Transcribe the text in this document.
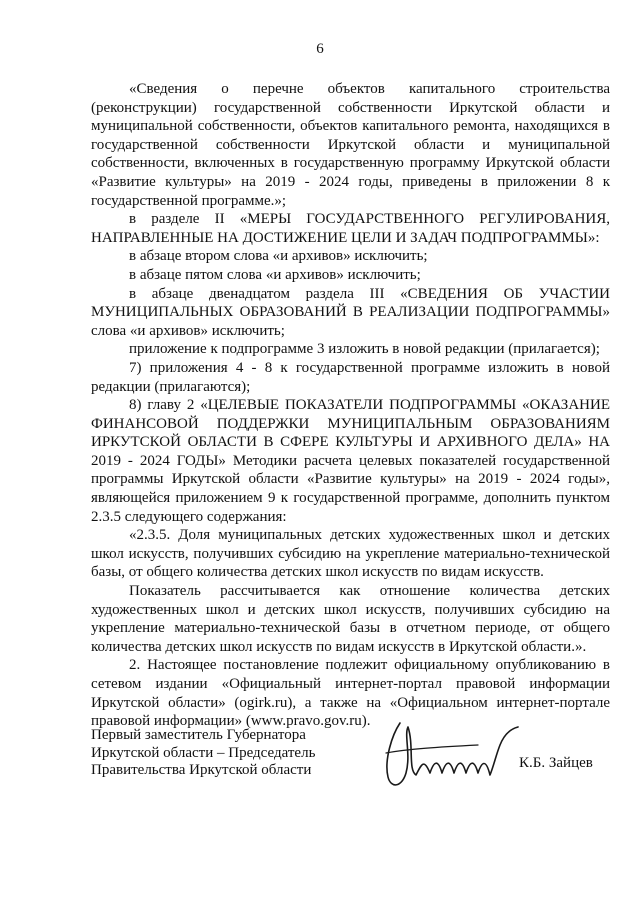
6

«Сведения о перечне объектов капитального строительства (реконструкции) государственной собственности Иркутской области и муниципальной собственности, объектов капитального ремонта, находящихся в государственной собственности Иркутской области и муниципальной собственности, включенных в государственную программу Иркутской области «Развитие культуры» на 2019 - 2024 годы, приведены в приложении 8 к государственной программе.»;

в разделе II «МЕРЫ ГОСУДАРСТВЕННОГО РЕГУЛИРОВАНИЯ, НАПРАВЛЕННЫЕ НА ДОСТИЖЕНИЕ ЦЕЛИ И ЗАДАЧ ПОДПРОГРАММЫ»:

в абзаце втором слова «и архивов» исключить;

в абзаце пятом слова «и архивов» исключить;

в абзаце двенадцатом раздела III «СВЕДЕНИЯ ОБ УЧАСТИИ МУНИЦИПАЛЬНЫХ ОБРАЗОВАНИЙ В РЕАЛИЗАЦИИ ПОДПРОГРАММЫ» слова «и архивов» исключить;

приложение к подпрограмме 3 изложить в новой редакции (прилагается);

7) приложения 4 - 8 к государственной программе изложить в новой редакции (прилагаются);

8) главу 2 «ЦЕЛЕВЫЕ ПОКАЗАТЕЛИ ПОДПРОГРАММЫ «ОКАЗАНИЕ ФИНАНСОВОЙ ПОДДЕРЖКИ МУНИЦИПАЛЬНЫМ ОБРАЗОВАНИЯМ ИРКУТСКОЙ ОБЛАСТИ В СФЕРЕ КУЛЬТУРЫ И АРХИВНОГО ДЕЛА» НА 2019 - 2024 ГОДЫ» Методики расчета целевых показателей государственной программы Иркутской области «Развитие культуры» на 2019 - 2024 годы», являющейся приложением 9 к государственной программе, дополнить пунктом 2.3.5 следующего содержания:

«2.3.5. Доля муниципальных детских художественных школ и детских школ искусств, получивших субсидию на укрепление материально-технической базы, от общего количества детских школ искусств по видам искусств.

Показатель рассчитывается как отношение количества детских художественных школ и детских школ искусств, получивших субсидию на укрепление материально-технической базы в отчетном периоде, от общего количества детских школ искусств по видам искусств в Иркутской области.».

2. Настоящее постановление подлежит официальному опубликованию в сетевом издании «Официальный интернет-портал правовой информации Иркутской области» (ogirk.ru), а также на «Официальном интернет-портале правовой информации» (www.pravo.gov.ru).

Первый заместитель Губернатора
Иркутской области – Председатель
Правительства Иркутской области	К.Б. Зайцев
